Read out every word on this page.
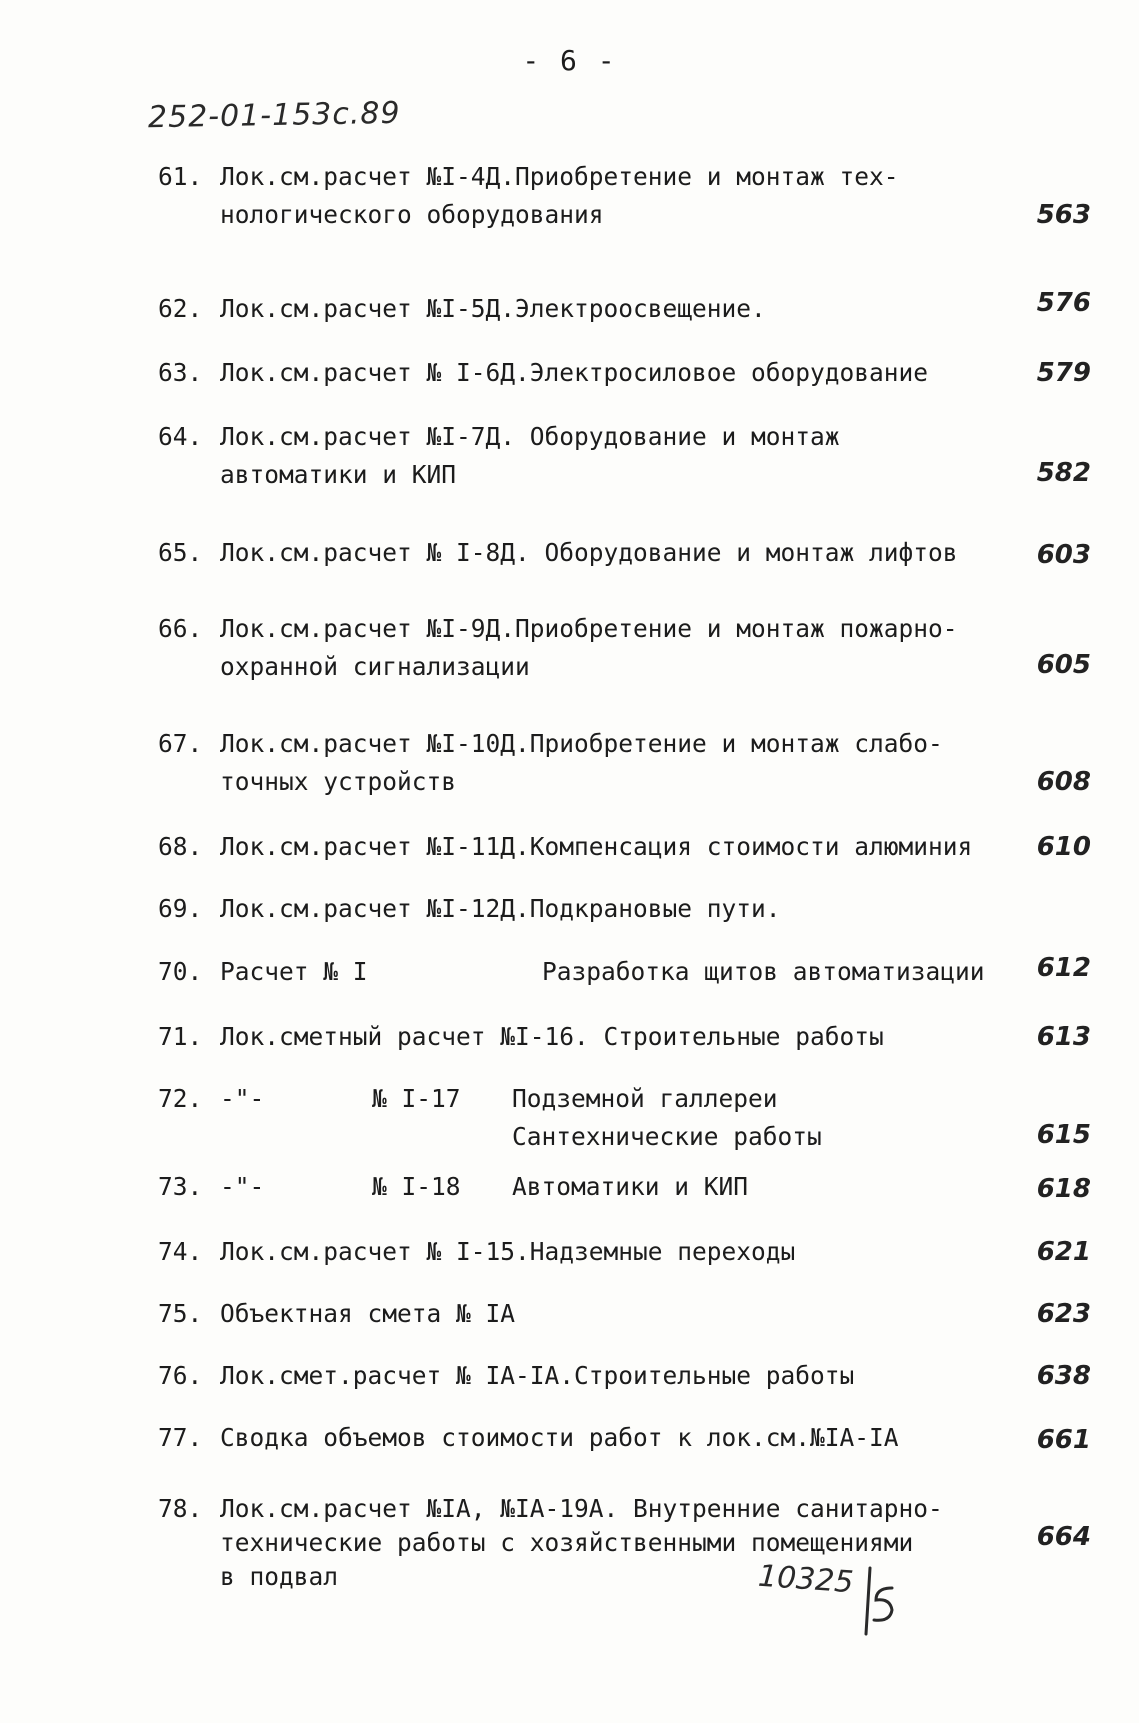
- 6 -
252-01-153с.89
61. Лок.см.расчет №I-4Д.Приобретение и монтаж тех-
нологического оборудования	563
62. Лок.см.расчет №I-5Д.Электроосвещение.	576
63. Лок.см.расчет № I-6Д.Электросиловое оборудование	579
64. Лок.см.расчет №I-7Д. Оборудование и монтаж
автоматики и КИП	582
65. Лок.см.расчет № I-8Д. Оборудование и монтаж лифтов	603
66. Лок.см.расчет №I-9Д.Приобретение и монтаж пожарно-
охранной сигнализации	605
67. Лок.см.расчет №I-10Д.Приобретение и монтаж слабо-
точных устройств	608
68. Лок.см.расчет №I-11Д.Компенсация стоимости алюминия 610
69. Лок.см.расчет №I-12Д.Подкрановые пути.
70. Расчет № I	Разработка щитов автоматизации 612
71. Лок.сметный расчет №I-16. Строительные работы	613
72. -"-	№ I-17 Подземной галлереи
Сантехнические работы	615
73. -"-	№ I-18 Автоматики и КИП	618
74. Лок.см.расчет № I-15.Надземные переходы	621
75. Объектная смета № IА	623
76. Лок.смет.расчет № IА-IА.Строительные работы	638
77. Сводка объемов стоимости работ к лок.см.№IА-IА	661
78. Лок.см.расчет №IА, №IА-19А. Внутренние санитарно-
технические работы с хозяйственными помещениями
в подвал
664
10325
